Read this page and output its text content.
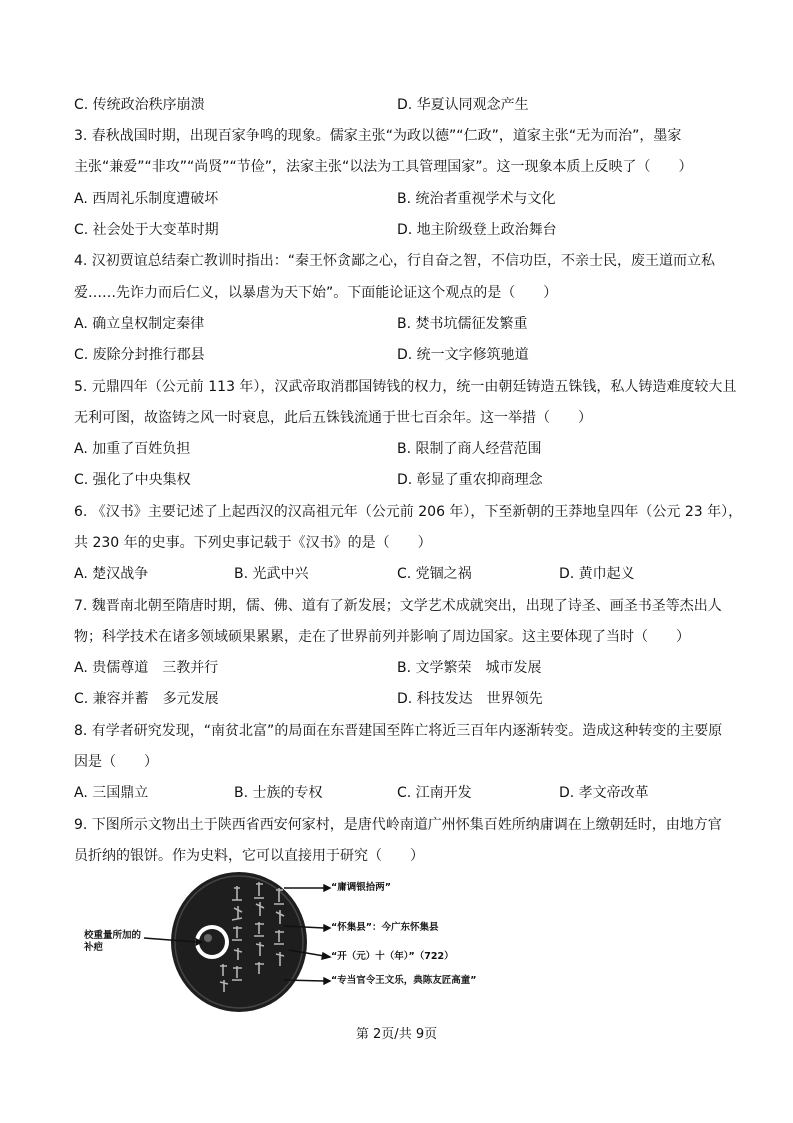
C. 传统政治秩序崩溃	D. 华夏认同观念产生
3. 春秋战国时期，出现百家争鸣的现象。儒家主张“为政以德”“仁政”，道家主张“无为而治”，墨家
主张“兼爱”“非攻”“尚贤”“节俭”，法家主张“以法为工具管理国家”。这一现象本质上反映了（　　）
A. 西周礼乐制度遭破坏	B. 统治者重视学术与文化
C. 社会处于大变革时期	D. 地主阶级登上政治舞台
4. 汉初贾谊总结秦亡教训时指出：“秦王怀贪鄙之心，行自奋之智，不信功臣，不亲士民，废王道而立私
爱……先诈力而后仁义，以暴虐为天下始”。下面能论证这个观点的是（　　）
A. 确立皇权制定秦律	B. 焚书坑儒征发繁重
C. 废除分封推行郡县	D. 统一文字修筑驰道
5. 元鼎四年（公元前 113 年），汉武帝取消郡国铸钱的权力，统一由朝廷铸造五铢钱，私人铸造难度较大且
无利可图，故盗铸之风一时衰息，此后五铢钱流通于世七百余年。这一举措（　　）
A. 加重了百姓负担	B. 限制了商人经营范围
C. 强化了中央集权	D. 彰显了重农抑商理念
6. 《汉书》主要记述了上起西汉的汉高祖元年（公元前 206 年），下至新朝的王莽地皇四年（公元 23 年），
共 230 年的史事。下列史事记载于《汉书》的是（　　）
A. 楚汉战争	B. 光武中兴	C. 党锢之祸	D. 黄巾起义
7. 魏晋南北朝至隋唐时期，儒、佛、道有了新发展；文学艺术成就突出，出现了诗圣、画圣书圣等杰出人
物；科学技术在诸多领域硕果累累，走在了世界前列并影响了周边国家。这主要体现了当时（　　）
A. 贵儒尊道　三教并行	B. 文学繁荣　城市发展
C. 兼容并蓄　多元发展	D. 科技发达　世界领先
8. 有学者研究发现，“南贫北富”的局面在东晋建国至阵亡将近三百年内逐渐转变。造成这种转变的主要原
因是（　　）
A. 三国鼎立	B. 士族的专权	C. 江南开发	D. 孝文帝改革
9. 下图所示文物出土于陕西省西安何家村，是唐代岭南道广州怀集百姓所纳庸调在上缴朝廷时，由地方官
员折纳的银饼。作为史料，它可以直接用于研究（　　）
校重量所加的补疤
“庸调银拾两”
“怀集县”：今广东怀集县
“开（元）十（年）”（722）
“专当官令王文乐，典陈友匠高童”
第 2页/共 9页
